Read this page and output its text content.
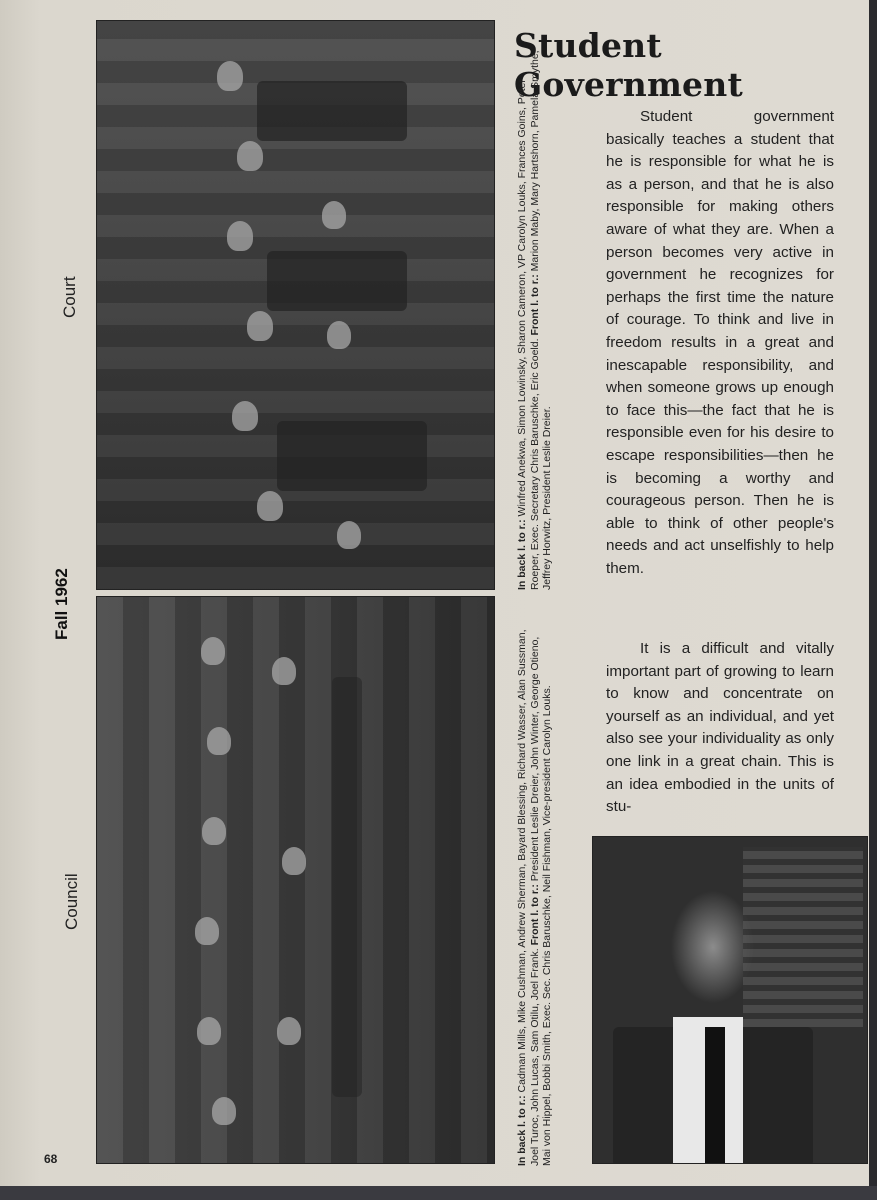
Student Government
Student government basically teaches a student that he is responsible for what he is as a person, and that he is also responsible for making others aware of what they are. When a person becomes very active in government he recognizes for perhaps the first time the nature of courage. To think and live in freedom results in a great and inescapable responsibility, and when someone grows up enough to face this—the fact that he is responsible even for his desire to escape responsibilities—then he is becoming a worthy and courageous person. Then he is able to think of other people's needs and act unselfishly to help them.
It is a difficult and vitally important part of growing to learn to know and concentrate on yourself as an individual, and yet also see your individuality as only one link in a great chain. This is an idea embodied in the units of stu-
Court
Fall 1962
Council
In back l. to r.: Winfred Anekwa, Simon Lowinsky, Sharon Cameron, VP Carolyn Louks, Frances Goins, Peter Roeper, Exec. Secretary Chris Baruschke, Eric Goeld. Front l. to r.: Marion Maby, Mary Hartshorn, Pamela Smythe, Jeffrey Horwitz, President Leslie Dreier.
In back l. to r.: Cadman Mills, Mike Cushman, Andrew Sherman, Bayard Blessing, Richard Wasser, Alan Sussman, Joel Turoc, John Lucas, Sam Otilu, Joel Frank. Front l. to r.: President Leslie Dreier, John Winter, George Otieno, Mai von Hippel, Bobbi Smith, Exec. Sec. Chris Baruschke, Neil Fishman, Vice-president Carolyn Louks.
68
